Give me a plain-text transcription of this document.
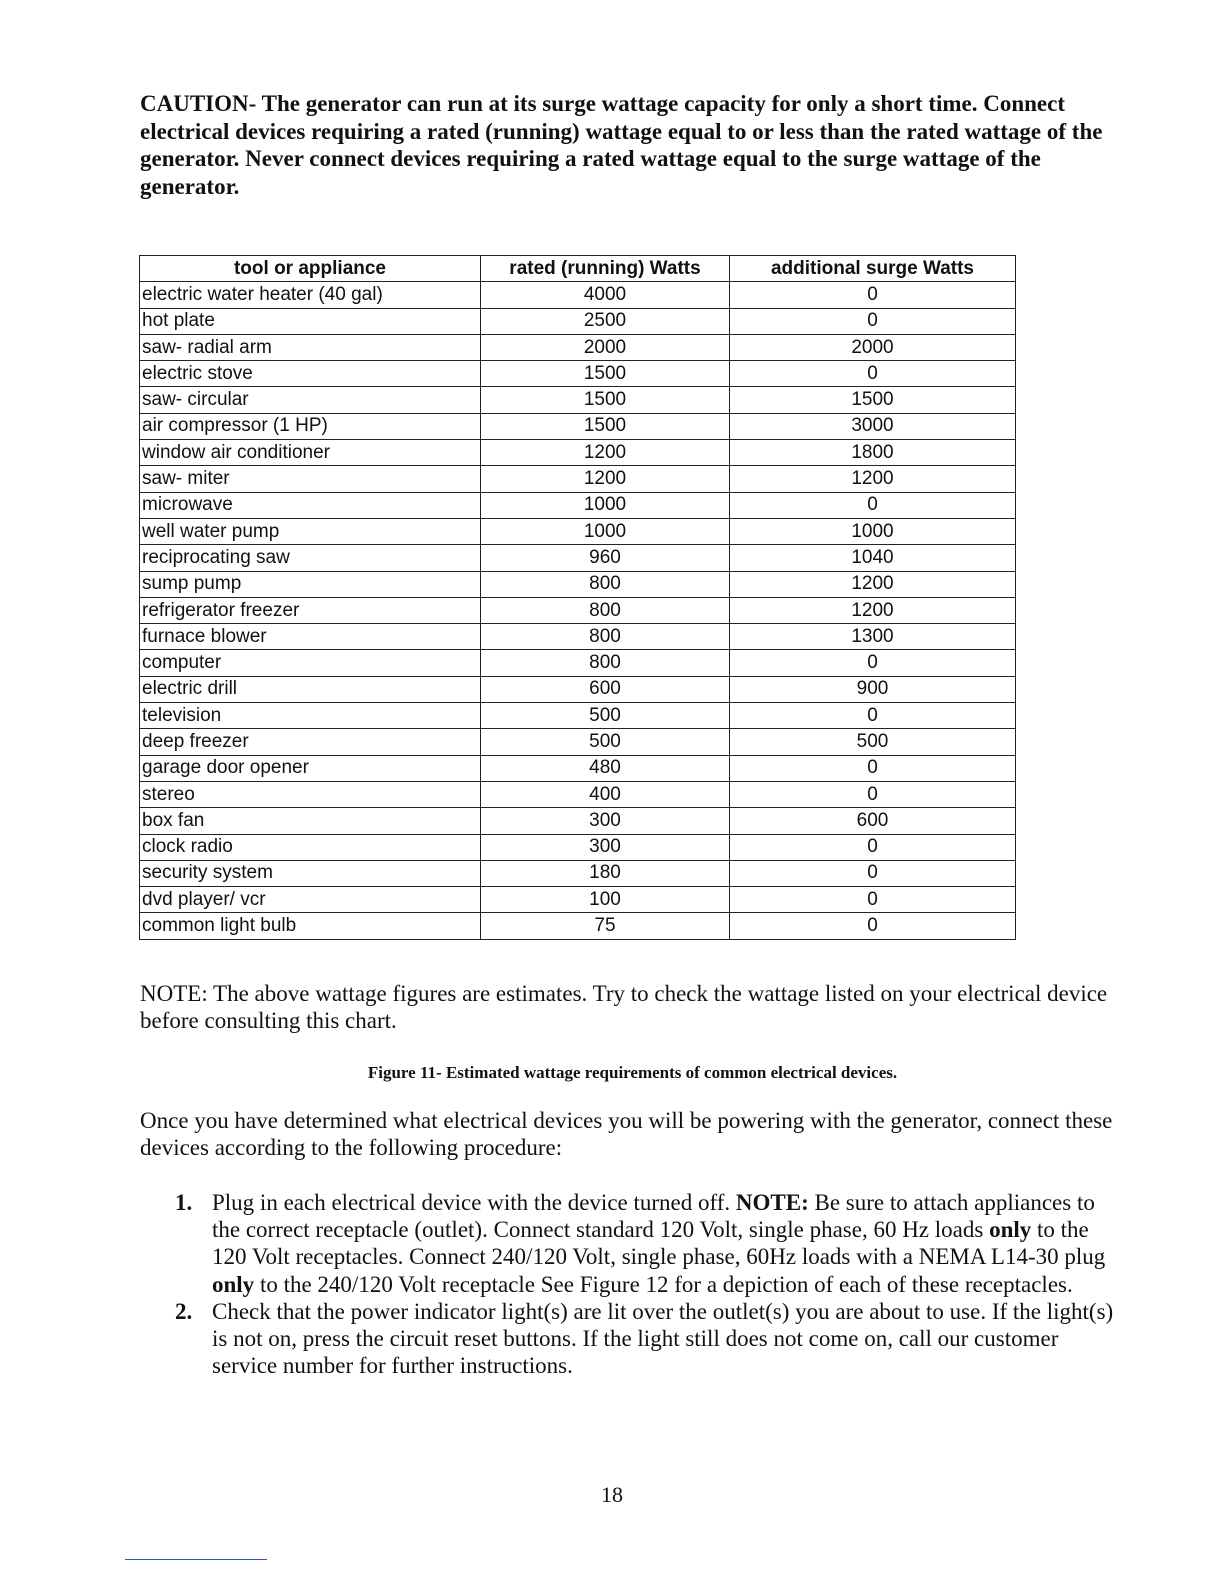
CAUTION- The generator can run at its surge wattage capacity for only a short time. Connect electrical devices requiring a rated (running) wattage equal to or less than the rated wattage of the generator. Never connect devices requiring a rated wattage equal to the surge wattage of the generator.

tool or appliance	rated (running) Watts	additional surge Watts
electric water heater (40 gal)	4000	0
hot plate	2500	0
saw- radial arm	2000	2000
electric stove	1500	0
saw- circular	1500	1500
air compressor (1 HP)	1500	3000
window air conditioner	1200	1800
saw- miter	1200	1200
microwave	1000	0
well water pump	1000	1000
reciprocating saw	960	1040
sump pump	800	1200
refrigerator freezer	800	1200
furnace blower	800	1300
computer	800	0
electric drill	600	900
television	500	0
deep freezer	500	500
garage door opener	480	0
stereo	400	0
box fan	300	600
clock radio	300	0
security system	180	0
dvd player/ vcr	100	0
common light bulb	75	0

NOTE: The above wattage figures are estimates. Try to check the wattage listed on your electrical device before consulting this chart.

Figure 11- Estimated wattage requirements of common electrical devices.

Once you have determined what electrical devices you will be powering with the generator, connect these devices according to the following procedure:

1. Plug in each electrical device with the device turned off. NOTE: Be sure to attach appliances to the correct receptacle (outlet). Connect standard 120 Volt, single phase, 60 Hz loads only to the 120 Volt receptacles. Connect 240/120 Volt, single phase, 60Hz loads with a NEMA L14-30 plug only to the 240/120 Volt receptacle See Figure 12 for a depiction of each of these receptacles.
2. Check that the power indicator light(s) are lit over the outlet(s) you are about to use. If the light(s) is not on, press the circuit reset buttons. If the light still does not come on, call our customer service number for further instructions.

18
